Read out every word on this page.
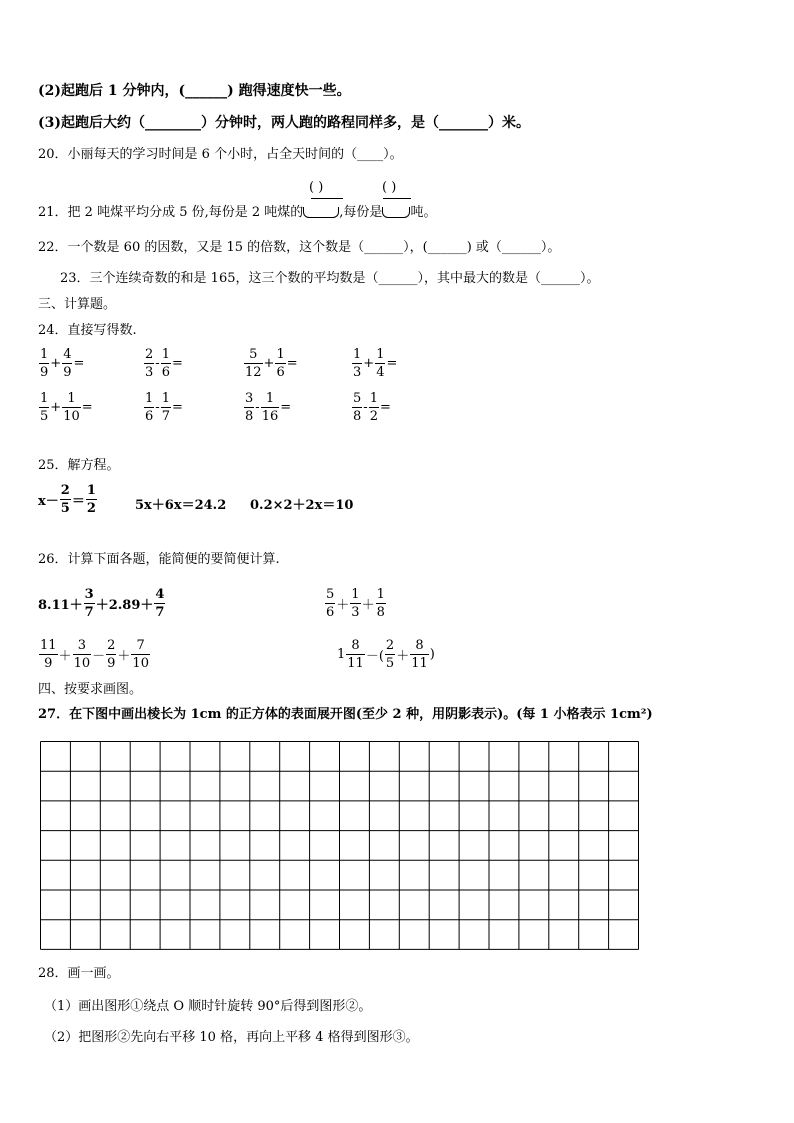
(2)起跑后 1 分钟内，(______) 跑得速度快一些。
(3)起跑后大约（________）分钟时，两人跑的路程同样多，是（_______）米。
20．小丽每天的学习时间是 6 个小时，占全天时间的（____）。
( )	( )
21．把 2 吨煤平均分成 5 份,每份是 2 吨煤的	,每份是 吨。
22．一个数是 60 的因数，又是 15 的倍数，这个数是（______），(______) 或（______）。
23．三个连续奇数的和是 165，这三个数的平均数是（______），其中最大的数是（______）。
三、计算题。
24．直接写得数.
$\frac{1}{9} + \frac{4}{9}$ =	$\frac{2}{3} - \frac{1}{6}$ =	$\frac{5}{12} + \frac{1}{6}$ =	$\frac{1}{3} + \frac{1}{4}$ =
$\frac{1}{5} + \frac{1}{10}$ =	$\frac{1}{6} - \frac{1}{7}$ =	$\frac{3}{8} - \frac{1}{16}$ =	$\frac{5}{8} - \frac{1}{2}$ =
25．解方程。
$x- \frac{2}{5} = \frac{1}{2}$	5x＋6x＝24.2 0.2×2＋2x＝10
26．计算下面各题，能简便的要简便计算.
$8.11+ \frac{3}{7} +2.89+ \frac{4}{7}$	$\frac{5}{6} + \frac{1}{3} + \frac{1}{8}$
$\frac{11}{9} + \frac{3}{10} - \frac{2}{9} + \frac{7}{10}$	$1 \frac{8}{11}$ －( $\frac{2}{5} + \frac{8}{11}$ )
四、按要求画图。
27．在下图中画出棱长为 1cm 的正方体的表面展开图(至少 2 种，用阴影表示)。(每 1 小格表示 1cm²)
28．画一画。
（1）画出图形①绕点 O 顺时针旋转 90°后得到图形②。
（2）把图形②先向右平移 10 格，再向上平移 4 格得到图形③。
